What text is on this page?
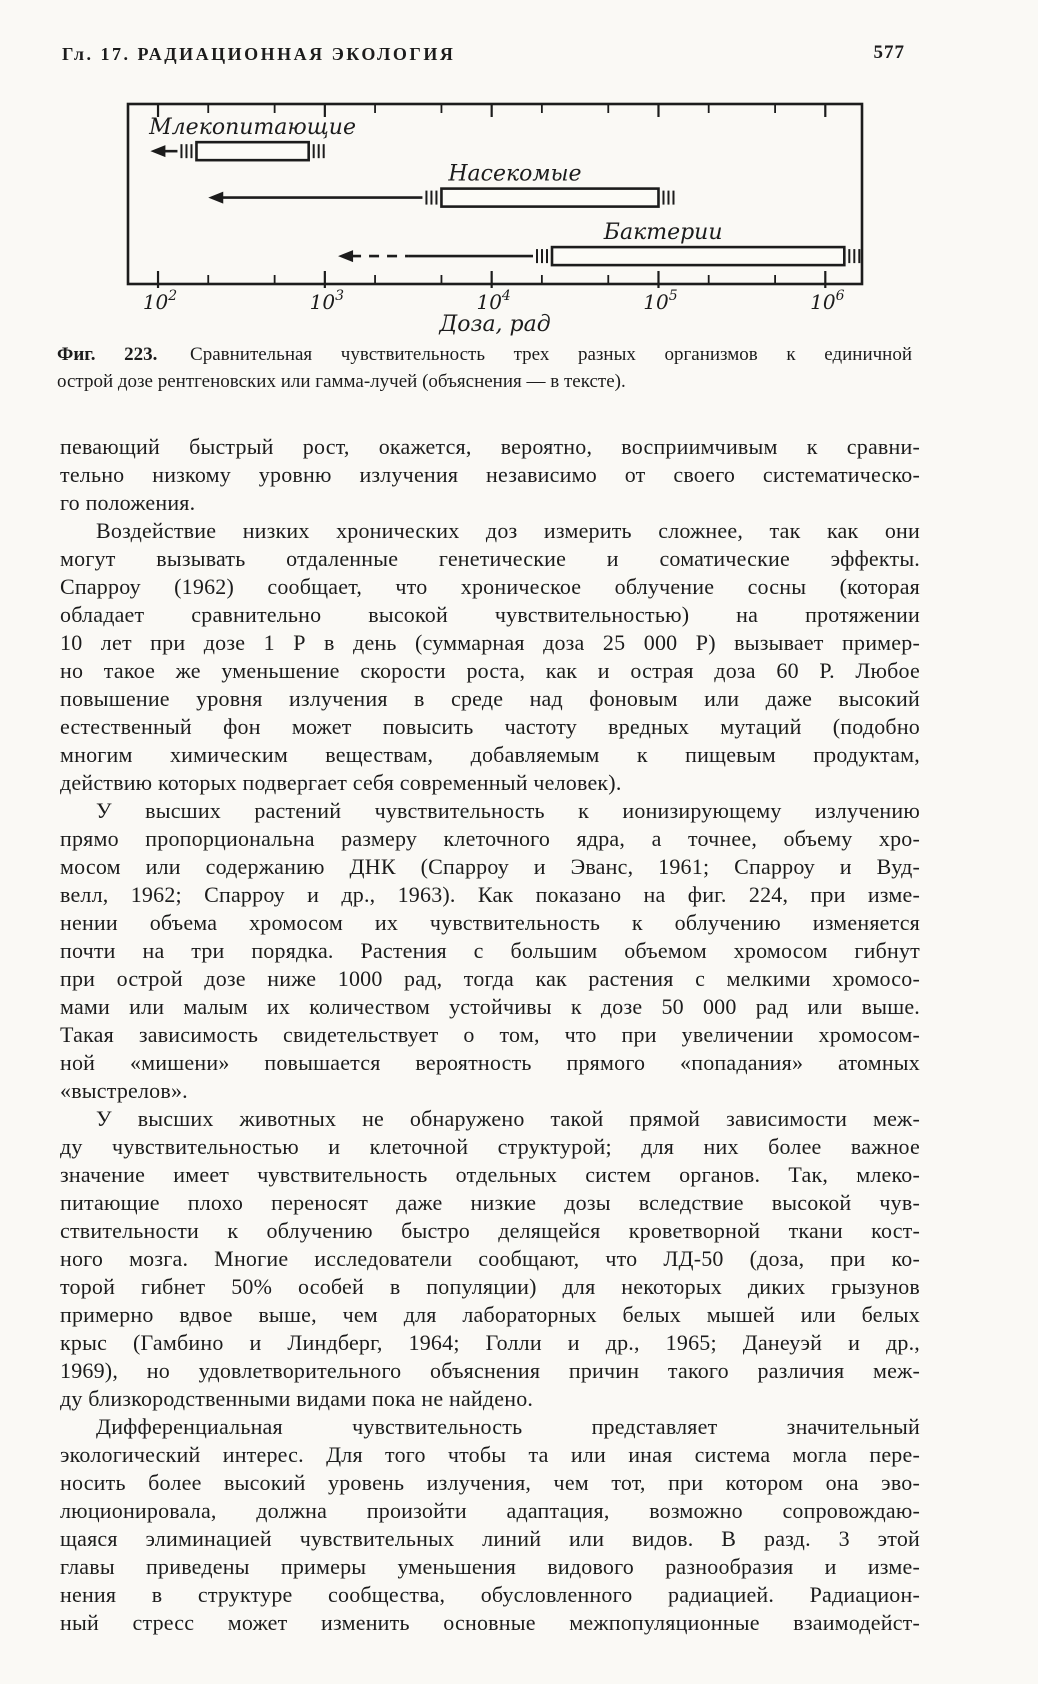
Гл. 17. РАДИАЦИОННАЯ ЭКОЛОГИЯ	577
$10^2$	$10^3$	$10^4$	$10^5$	$10^6$
Млекопитающие
Насекомые
Бактерии
Доза, рад
Фиг. 223. Сравнительная чувствительность трех разных организмов к единичной
острой дозе рентгеновских или гамма-лучей (объяснения — в тексте).
певающий быстрый рост, окажется, вероятно, восприимчивым к сравни-
тельно низкому уровню излучения независимо от своего систематическо-
го положения.
Воздействие низких хронических доз измерить сложнее, так как они
могут вызывать отдаленные генетические и соматические эффекты.
Спарроу (1962) сообщает, что хроническое облучение сосны (которая
обладает сравнительно высокой чувствительностью) на протяжении
10 лет при дозе 1 Р в день (суммарная доза 25 000 Р) вызывает пример-
но такое же уменьшение скорости роста, как и острая доза 60 Р. Любое
повышение уровня излучения в среде над фоновым или даже высокий
естественный фон может повысить частоту вредных мутаций (подобно
многим химическим веществам, добавляемым к пищевым продуктам,
действию которых подвергает себя современный человек).
У высших растений чувствительность к ионизирующему излучению
прямо пропорциональна размеру клеточного ядра, а точнее, объему хро-
мосом или содержанию ДНК (Спарроу и Эванс, 1961; Спарроу и Вуд-
велл, 1962; Спарроу и др., 1963). Как показано на фиг. 224, при изме-
нении объема хромосом их чувствительность к облучению изменяется
почти на три порядка. Растения с большим объемом хромосом гибнут
при острой дозе ниже 1000 рад, тогда как растения с мелкими хромосо-
мами или малым их количеством устойчивы к дозе 50 000 рад или выше.
Такая зависимость свидетельствует о том, что при увеличении хромосом-
ной «мишени» повышается вероятность прямого «попадания» атомных
«выстрелов».
У высших животных не обнаружено такой прямой зависимости меж-
ду чувствительностью и клеточной структурой; для них более важное
значение имеет чувствительность отдельных систем органов. Так, млеко-
питающие плохо переносят даже низкие дозы вследствие высокой чув-
ствительности к облучению быстро делящейся кроветворной ткани кост-
ного мозга. Многие исследователи сообщают, что ЛД-50 (доза, при ко-
торой гибнет 50% особей в популяции) для некоторых диких грызунов
примерно вдвое выше, чем для лабораторных белых мышей или белых
крыс (Гамбино и Линдберг, 1964; Голли и др., 1965; Данеуэй и др.,
1969), но удовлетворительного объяснения причин такого различия меж-
ду близкородственными видами пока не найдено.
Дифференциальная чувствительность представляет значительный
экологический интерес. Для того чтобы та или иная система могла пере-
носить более высокий уровень излучения, чем тот, при котором она эво-
люционировала, должна произойти адаптация, возможно сопровождаю-
щаяся элиминацией чувствительных линий или видов. В разд. 3 этой
главы приведены примеры уменьшения видового разнообразия и изме-
нения в структуре сообщества, обусловленного радиацией. Радиацион-
ный стресс может изменить основные межпопуляционные взаимодейст-
